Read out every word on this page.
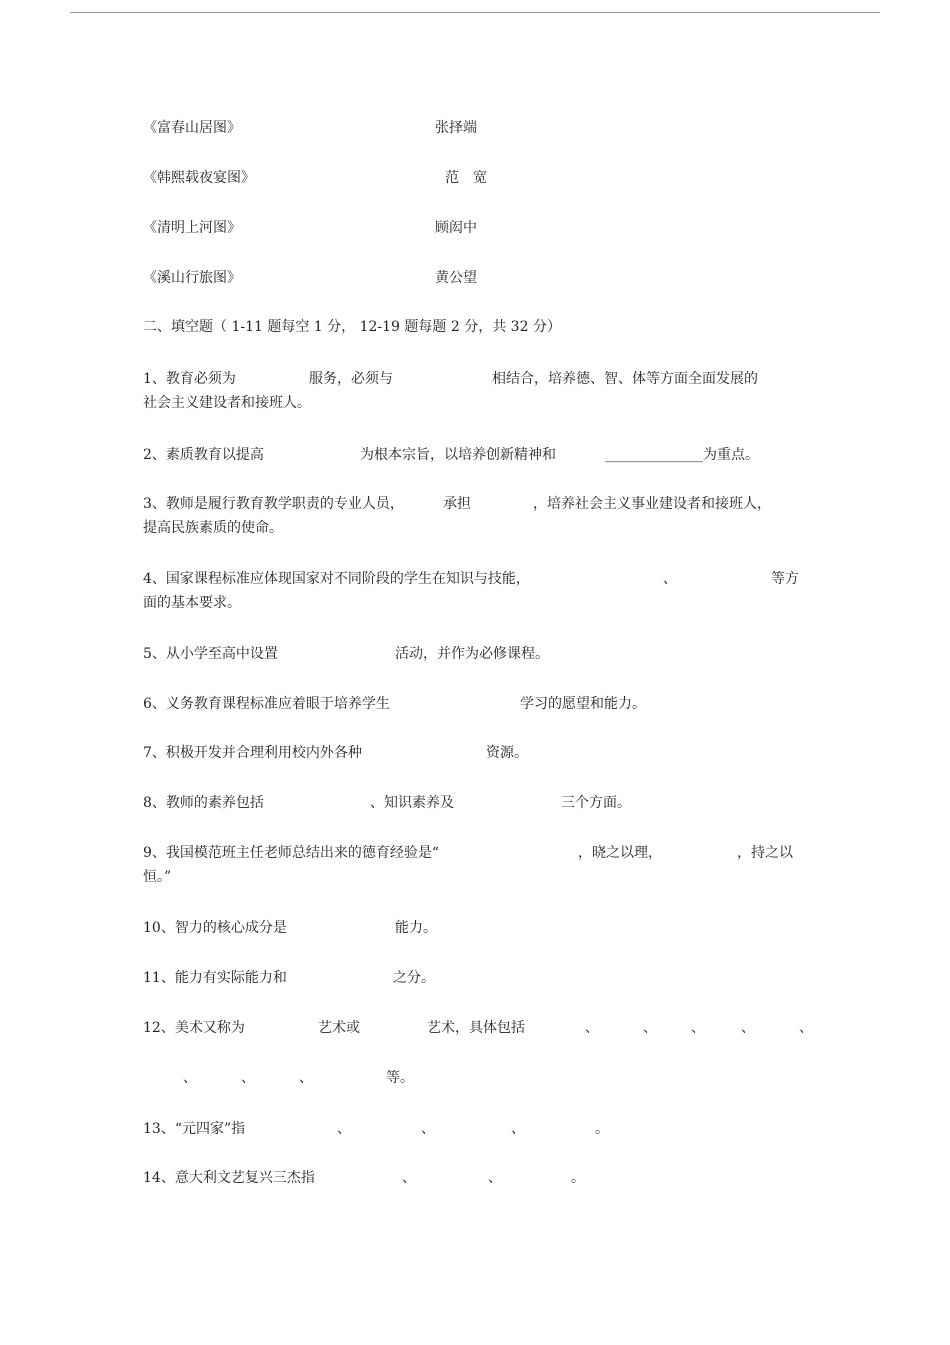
《富春山居图》	张择端
《韩熙载夜宴图》	范　宽
《清明上河图》	顾闳中
《溪山行旅图》	黄公望
二、填空题（ 1-11 题每空 1 分， 12-19 题每题 2 分，共 32 分）
1、教育必须为	服务，必须与	相结合，培养德、智、体等方面全面发展的
社会主义建设者和接班人。
2、素质教育以提高	为根本宗旨，以培养创新精神和	______________为重点。
3、教师是履行教育教学职责的专业人员，	承担	，培养社会主义事业建设者和接班人，
提高民族素质的使命。
4、国家课程标准应体现国家对不同阶段的学生在知识与技能，	、	等方
面的基本要求。
5、从小学至高中设置	活动，并作为必修课程。
6、义务教育课程标准应着眼于培养学生	学习的愿望和能力。
7、积极开发并合理利用校内外各种	资源。
8、教师的素养包括	、知识素养及	三个方面。
9、我国模范班主任老师总结出来的德育经验是“	，晓之以理，	，持之以
恒。”
10、智力的核心成分是	能力。
11、能力有实际能力和	之分。
12、美术又称为	艺术或	艺术，具体包括	、	、 、	、	、
、	、	、	等。
13、“元四家”指	、	、	、	。
14、意大利文艺复兴三杰指	、	、	。
